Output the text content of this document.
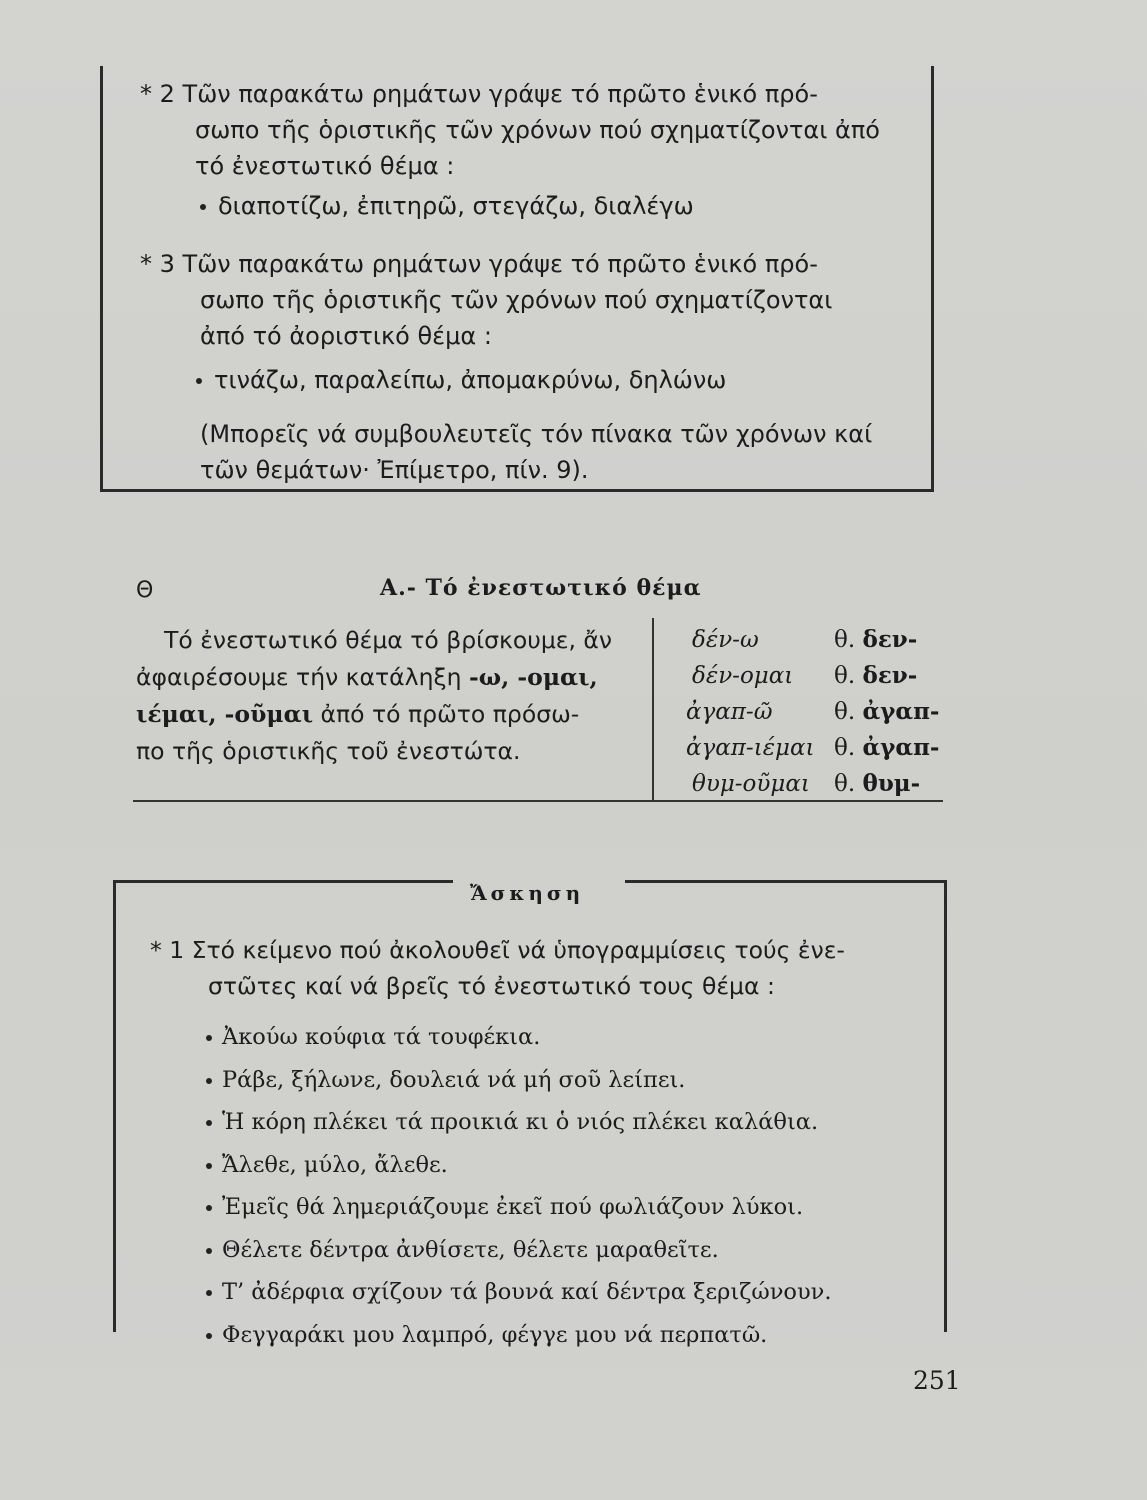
* 2 Τῶν παρακάτω ρημάτων γράψε τό πρῶτο ἑνικό πρό-
σωπο τῆς ὁριστικῆς τῶν χρόνων πού σχηματίζονται ἀπό
τό ἐνεστωτικό θέμα :
διαποτίζω, ἐπιτηρῶ, στεγάζω, διαλέγω
* 3 Τῶν παρακάτω ρημάτων γράψε τό πρῶτο ἑνικό πρό-
σωπο τῆς ὁριστικῆς τῶν χρόνων πού σχηματίζονται
ἀπό τό ἀοριστικό θέμα :
τινάζω, παραλείπω, ἀπομακρύνω, δηλώνω
(Μπορεῖς νά συμβουλευτεῖς τόν πίνακα τῶν χρόνων καί
τῶν θεμάτων· Ἐπίμετρο, πίν. 9).
Θ	Α.- Τό ἐνεστωτικό θέμα
Τό ἐνεστωτικό θέμα τό βρίσκουμε, ἄν
ἀφαιρέσουμε τήν κατάληξη -ω, -ομαι,
ιέμαι, -οῦμαι ἀπό τό πρῶτο πρόσω-
πο τῆς ὁριστικῆς τοῦ ἐνεστώτα.
δέν-ω
δέν-ομαι
ἀγαπ-ῶ
ἀγαπ-ιέμαι
θυμ-οῦμαι
θ. δεν-
θ. δεν-
θ. ἀγαπ-
θ. ἀγαπ-
θ. θυμ-
Ἄσκηση
* 1 Στό κείμενο πού ἀκολουθεῖ νά ὑπογραμμίσεις τούς ἐνε-
στῶτες καί νά βρεῖς τό ἐνεστωτικό τους θέμα :
Ἀκούω κούφια τά τουφέκια.
Ράβε, ξήλωνε, δουλειά νά μή σοῦ λείπει.
Ἡ κόρη πλέκει τά προικιά κι ὁ νιός πλέκει καλάθια.
Ἄλεθε, μύλο, ἄλεθε.
Ἐμεῖς θά λημεριάζουμε ἐκεῖ πού φωλιάζουν λύκοι.
Θέλετε δέντρα ἀνθίσετε, θέλετε μαραθεῖτε.
Τ’ ἀδέρφια σχίζουν τά βουνά καί δέντρα ξεριζώνουν.
Φεγγαράκι μου λαμπρό, φέγγε μου νά περπατῶ.
251
